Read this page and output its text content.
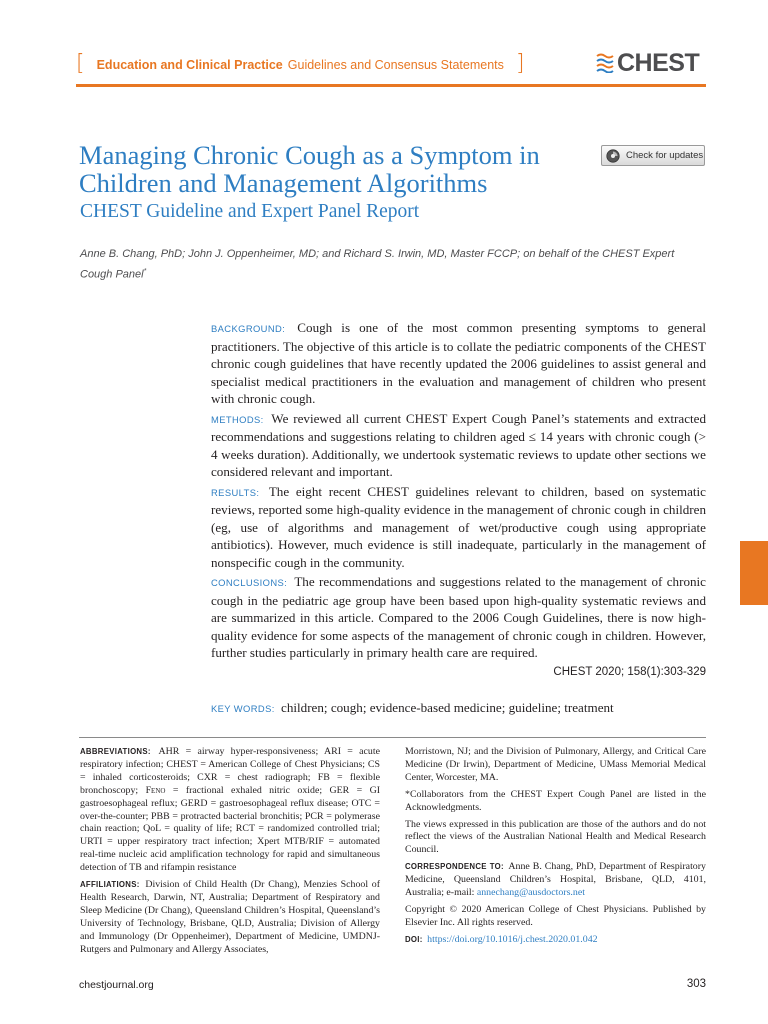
[ Education and Clinical Practice Guidelines and Consensus Statements ]	CHEST
Managing Chronic Cough as a Symptom in Children and Management Algorithms
Check for updates
CHEST Guideline and Expert Panel Report
Anne B. Chang, PhD; John J. Oppenheimer, MD; and Richard S. Irwin, MD, Master FCCP; on behalf of the CHEST Expert Cough Panel*

BACKGROUND: Cough is one of the most common presenting symptoms to general practitioners. The objective of this article is to collate the pediatric components of the CHEST chronic cough guidelines that have recently updated the 2006 guidelines to assist general and specialist medical practitioners in the evaluation and management of children who present with chronic cough.

METHODS: We reviewed all current CHEST Expert Cough Panel’s statements and extracted recommendations and suggestions relating to children aged ≤ 14 years with chronic cough (> 4 weeks duration). Additionally, we undertook systematic reviews to update other sections we considered relevant and important.

RESULTS: The eight recent CHEST guidelines relevant to children, based on systematic reviews, reported some high-quality evidence in the management of chronic cough in children (eg, use of algorithms and management of wet/productive cough using appropriate antibiotics). However, much evidence is still inadequate, particularly in the management of nonspecific cough in the community.

CONCLUSIONS: The recommendations and suggestions related to the management of chronic cough in the pediatric age group have been based upon high-quality systematic reviews and are summarized in this article. Compared to the 2006 Cough Guidelines, there is now high-quality evidence for some aspects of the management of chronic cough in children. However, further studies particularly in primary health care are required.

CHEST 2020; 158(1):303-329

KEY WORDS: children; cough; evidence-based medicine; guideline; treatment

ABBREVIATIONS: AHR = airway hyper-responsiveness; ARI = acute respiratory infection; CHEST = American College of Chest Physicians; CS = inhaled corticosteroids; CXR = chest radiograph; FB = flexible bronchoscopy; Feno = fractional exhaled nitric oxide; GER = GI gastroesophageal reflux; GERD = gastroesophageal reflux disease; OTC = over-the-counter; PBB = protracted bacterial bronchitis; PCR = polymerase chain reaction; QoL = quality of life; RCT = randomized controlled trial; URTI = upper respiratory tract infection; Xpert MTB/RIF = automated real-time nucleic acid amplification technology for rapid and simultaneous detection of TB and rifampin resistance

AFFILIATIONS: Division of Child Health (Dr Chang), Menzies School of Health Research, Darwin, NT, Australia; Department of Respiratory and Sleep Medicine (Dr Chang), Queensland Children’s Hospital, Queensland’s University of Technology, Brisbane, QLD, Australia; Division of Allergy and Immunology (Dr Oppenheimer), Department of Medicine, UMDNJ-Rutgers and Pulmonary and Allergy Associates,

Morristown, NJ; and the Division of Pulmonary, Allergy, and Critical Care Medicine (Dr Irwin), Department of Medicine, UMass Memorial Medical Center, Worcester, MA.

*Collaborators from the CHEST Expert Cough Panel are listed in the Acknowledgments.

The views expressed in this publication are those of the authors and do not reflect the views of the Australian National Health and Medical Research Council.

CORRESPONDENCE TO: Anne B. Chang, PhD, Department of Respiratory Medicine, Queensland Children’s Hospital, Brisbane, QLD, 4101, Australia; e-mail: annechang@ausdoctors.net

Copyright © 2020 American College of Chest Physicians. Published by Elsevier Inc. All rights reserved.

DOI: https://doi.org/10.1016/j.chest.2020.01.042

chestjournal.org	303
